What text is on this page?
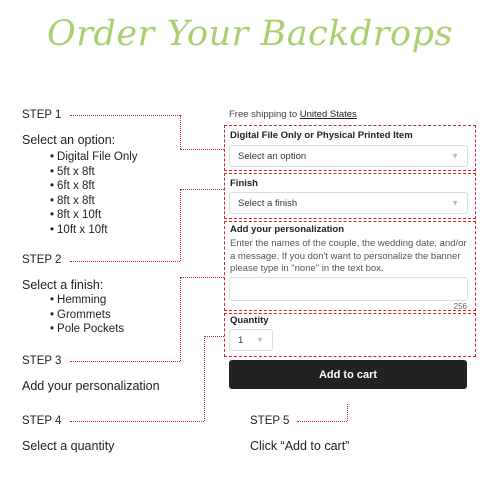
Order Your Backdrops
STEP 1
Select an option:
• Digital File Only
• 5ft x 8ft
• 6ft x 8ft
• 8ft x 8ft
• 8ft x 10ft
• 10ft x 10ft
STEP 2
Select a finish:
• Hemming
• Grommets
• Pole Pockets
STEP 3
Add your personalization
STEP 4
Select a quantity
STEP 5
Click “Add to cart”
Free shipping to United States
Digital File Only or Physical Printed Item
Select an option	▼
Finish
Select a finish	▼
Add your personalization
Enter the names of the couple, the wedding date, and/or a message. If you don't want to personalize the banner please type in "none" in the text box.
256
Quantity
1 ▼
Add to cart
